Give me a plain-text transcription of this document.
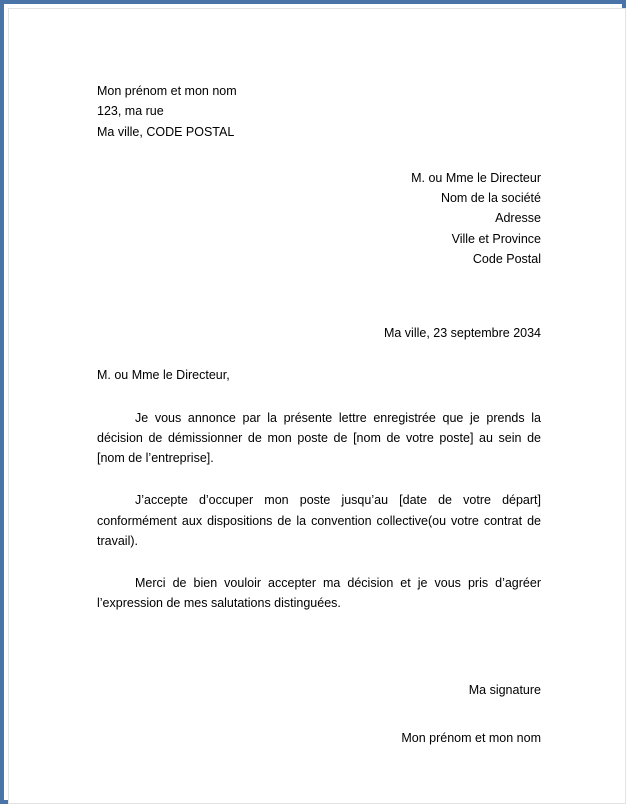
Mon prénom et mon nom
123, ma rue
Ma ville, CODE POSTAL
M. ou Mme le Directeur
Nom de la société
Adresse
Ville et Province
Code Postal
Ma ville, 23 septembre 2034
M. ou Mme le Directeur,
Je vous annonce par la présente lettre enregistrée que je prends la décision de démissionner de mon poste de [nom de votre poste] au sein de [nom de l’entreprise].
J’accepte d’occuper mon poste jusqu’au [date de votre départ] conformément aux dispositions de la convention collective(ou votre contrat de travail).
Merci de bien vouloir accepter ma décision et je vous pris d’agréer l’expression de mes salutations distinguées.
Ma signature
Mon prénom et mon nom
